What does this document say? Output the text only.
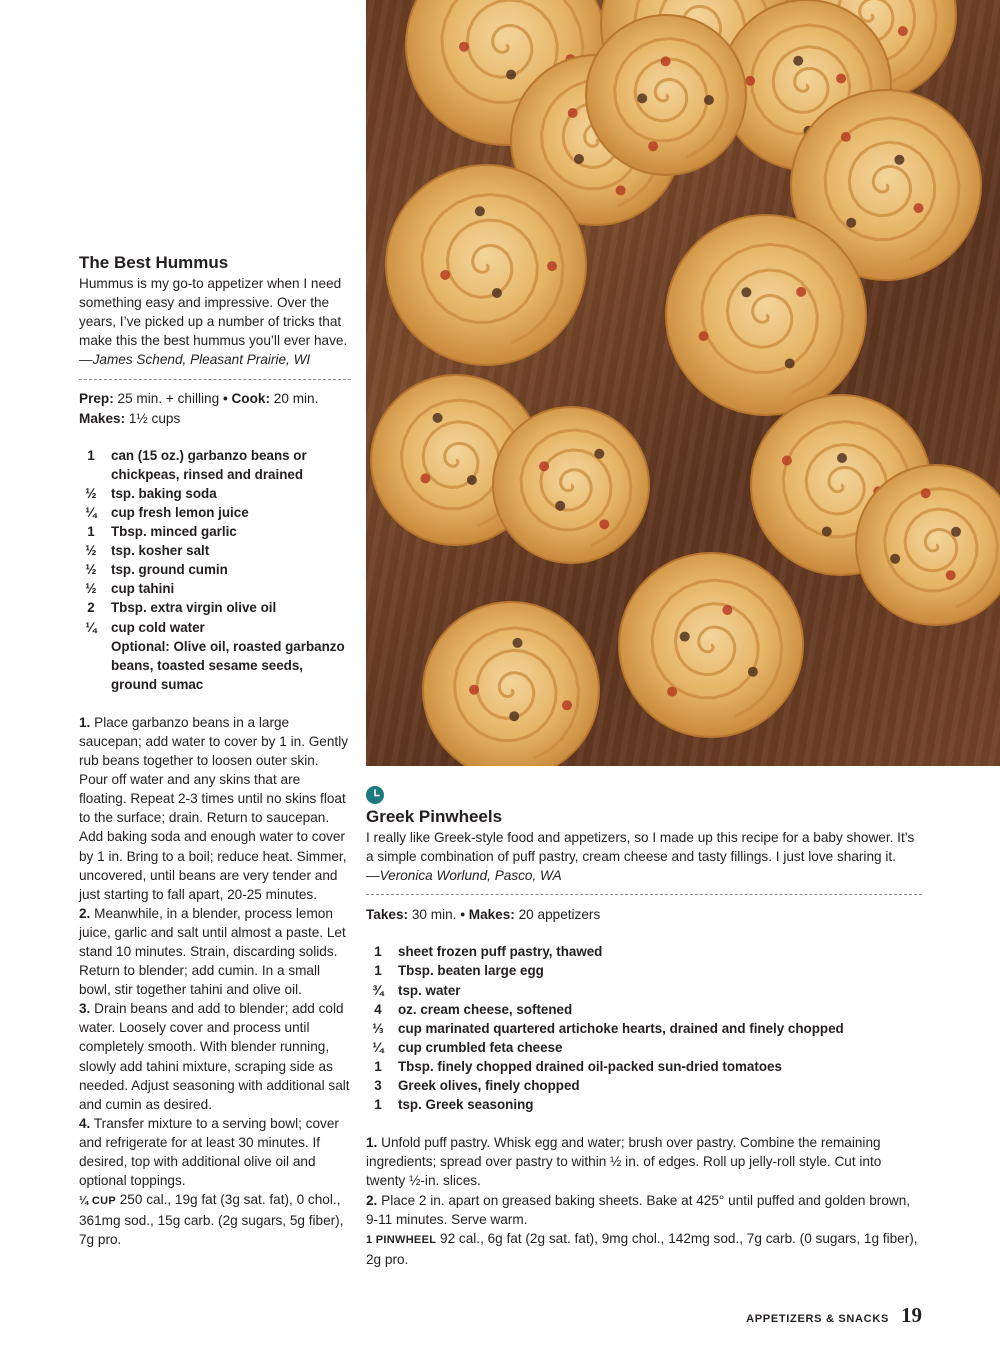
The Best Hummus

Hummus is my go-to appetizer when I need something easy and impressive. Over the years, I’ve picked up a number of tricks that make this the best hummus you’ll ever have.

—James Schend, Pleasant Prairie, WI

Prep: 25 min. + chilling • Cook: 20 min.

Makes: 1½ cups

1	can (15 oz.) garbanzo beans or chickpeas, rinsed and drained
½	tsp. baking soda
¼	cup fresh lemon juice
1	Tbsp. minced garlic
½	tsp. kosher salt
½	tsp. ground cumin
½	cup tahini
2	Tbsp. extra virgin olive oil
¼	cup cold water
Optional: Olive oil, roasted garbanzo beans, toasted sesame seeds, ground sumac

1. Place garbanzo beans in a large saucepan; add water to cover by 1 in. Gently rub beans together to loosen outer skin. Pour off water and any skins that are floating. Repeat 2-3 times until no skins float to the surface; drain. Return to saucepan. Add baking soda and enough water to cover by 1 in. Bring to a boil; reduce heat. Simmer, uncovered, until beans are very tender and just starting to fall apart, 20-25 minutes.

2. Meanwhile, in a blender, process lemon juice, garlic and salt until almost a paste. Let stand 10 minutes. Strain, discarding solids. Return to blender; add cumin. In a small bowl, stir together tahini and olive oil.

3. Drain beans and add to blender; add cold water. Loosely cover and process until completely smooth. With blender running, slowly add tahini mixture, scraping side as needed. Adjust seasoning with additional salt and cumin as desired.

4. Transfer mixture to a serving bowl; cover and refrigerate for at least 30 minutes. If desired, top with additional olive oil and optional toppings.

¼ CUP 250 cal., 19g fat (3g sat. fat), 0 chol., 361mg sod., 15g carb. (2g sugars, 5g fiber), 7g pro.

Greek Pinwheels

I really like Greek-style food and appetizers, so I made up this recipe for a baby shower. It’s a simple combination of puff pastry, cream cheese and tasty fillings. I just love sharing it.

—Veronica Worlund, Pasco, WA

Takes: 30 min. • Makes: 20 appetizers

1	sheet frozen puff pastry, thawed
1	Tbsp. beaten large egg
¾	tsp. water
4	oz. cream cheese, softened
⅓	cup marinated quartered artichoke hearts, drained and finely chopped
¼	cup crumbled feta cheese
1	Tbsp. finely chopped drained oil-packed sun-dried tomatoes
3	Greek olives, finely chopped
1	tsp. Greek seasoning

1. Unfold puff pastry. Whisk egg and water; brush over pastry. Combine the remaining ingredients; spread over pastry to within ½ in. of edges. Roll up jelly-roll style. Cut into twenty ½-in. slices.

2. Place 2 in. apart on greased baking sheets. Bake at 425° until puffed and golden brown, 9-11 minutes. Serve warm.

1 PINWHEEL 92 cal., 6g fat (2g sat. fat), 9mg chol., 142mg sod., 7g carb. (0 sugars, 1g fiber), 2g pro.

APPETIZERS & SNACKS 19
